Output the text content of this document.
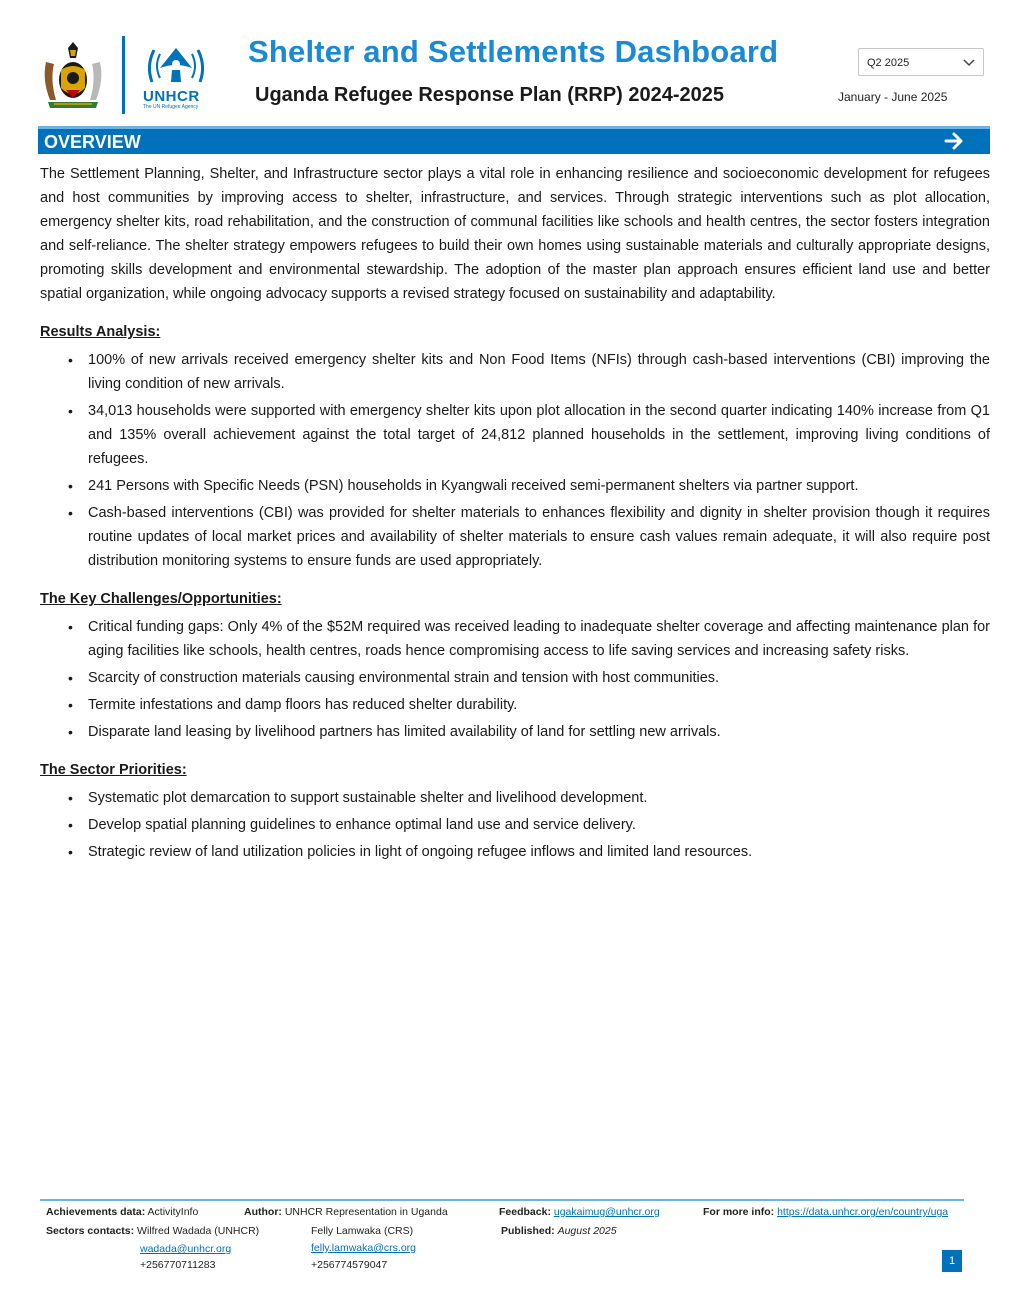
UNHCR
The UN Refugee Agency
Shelter and Settlements Dashboard
Uganda Refugee Response Plan (RRP) 2024-2025
Q2 2025
January - June 2025
OVERVIEW

The Settlement Planning, Shelter, and Infrastructure sector plays a vital role in enhancing resilience and socioeconomic development for refugees and host communities by improving access to shelter, infrastructure, and services. Through strategic interventions such as plot allocation, emergency shelter kits, road rehabilitation, and the construction of communal facilities like schools and health centres, the sector fosters integration and self-reliance. The shelter strategy empowers refugees to build their own homes using sustainable materials and culturally appropriate designs, promoting skills development and environmental stewardship. The adoption of the master plan approach ensures efficient land use and better spatial organization, while ongoing advocacy supports a revised strategy focused on sustainability and adaptability.

Results Analysis:
• 100% of new arrivals received emergency shelter kits and Non Food Items (NFIs) through cash-based interventions (CBI) improving the living condition of new arrivals.
• 34,013 households were supported with emergency shelter kits upon plot allocation in the second quarter indicating 140% increase from Q1 and 135% overall achievement against the total target of 24,812 planned households in the settlement, improving living conditions of refugees.
• 241 Persons with Specific Needs (PSN) households in Kyangwali received semi-permanent shelters via partner support.
• Cash-based interventions (CBI) was provided for shelter materials to enhances flexibility and dignity in shelter provision though it requires routine updates of local market prices and availability of shelter materials to ensure cash values remain adequate, it will also require post distribution monitoring systems to ensure funds are used appropriately.
The Key Challenges/Opportunities:
• Critical funding gaps: Only 4% of the $52M required was received leading to inadequate shelter coverage and affecting maintenance plan for aging facilities like schools, health centres, roads hence compromising access to life saving services and increasing safety risks.
• Scarcity of construction materials causing environmental strain and tension with host communities.
• Termite infestations and damp floors has reduced shelter durability.
• Disparate land leasing by livelihood partners has limited availability of land for settling new arrivals.
The Sector Priorities:
• Systematic plot demarcation to support sustainable shelter and livelihood development.
• Develop spatial planning guidelines to enhance optimal land use and service delivery.
• Strategic review of land utilization policies in light of ongoing refugee inflows and limited land resources.
Achievements data: ActivityInfo	Author: UNHCR Representation in Uganda	Feedback: ugakaimug@unhcr.org	For more info: https://data.unhcr.org/en/country/uga
Sectors contacts: Wilfred Wadada (UNHCR)
wadada@unhcr.org
+256770711283
Felly Lamwaka (CRS)
felly.lamwaka@crs.org
+256774579047
Published: August 2025
1
